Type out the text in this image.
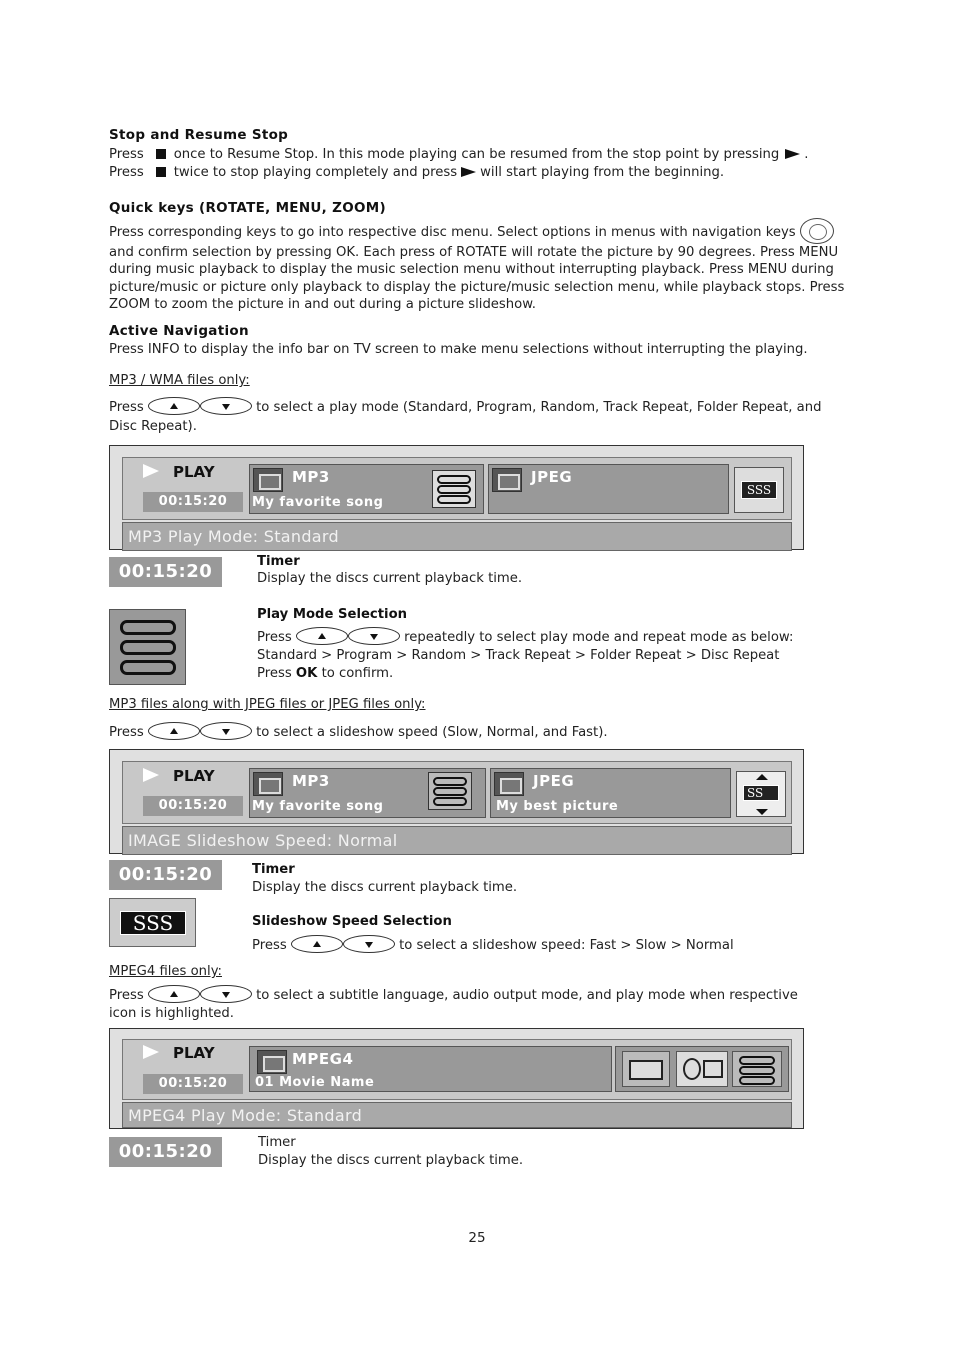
Stop and Resume Stop
Press once to Resume Stop. In this mode playing can be resumed from the stop point by pressing .
Press twice to stop playing completely and press will start playing from the beginning.
Quick keys (ROTATE, MENU, ZOOM)
Press corresponding keys to go into respective disc menu. Select options in menus with navigation keys  and confirm selection by pressing OK. Each press of ROTATE will rotate the picture by 90 degrees. Press MENU during music playback to display the music selection menu without interrupting playback. Press MENU during picture/music or picture only playback to display the picture/music selection menu, while playback stops. Press ZOOM to zoom the picture in and out during a picture slideshow.
Active Navigation
Press INFO to display the info bar on TV screen to make menu selections without interrupting the playing.
MP3 / WMA files only:
Press	to select a play mode (Standard, Program, Random, Track Repeat, Folder Repeat, and
Disc Repeat).
PLAY
00:15:20
MP3
My favorite song
JPEG
SSS
MP3 Play Mode: Standard
00:15:20	Timer
Display the discs current playback time.
Play Mode Selection
Press	repeatedly to select play mode and repeat mode as below:
Standard > Program > Random > Track Repeat > Folder Repeat > Disc Repeat
Press OK to confirm.
MP3 files along with JPEG files or JPEG files only:
Press	to select a slideshow speed (Slow, Normal, and Fast).
PLAY
00:15:20
MP3
My favorite song
JPEG
My best picture
SS
IMAGE Slideshow Speed: Normal
00:15:20	Timer
Display the discs current playback time.
SSS	Slideshow Speed Selection
Press	to select a slideshow speed: Fast > Slow > Normal
MPEG4 files only:
Press	to select a subtitle language, audio output mode, and play mode when respective
icon is highlighted.
PLAY
00:15:20
MPEG4
01 Movie Name
MPEG4 Play Mode: Standard
00:15:20	Timer
Display the discs current playback time.
25
